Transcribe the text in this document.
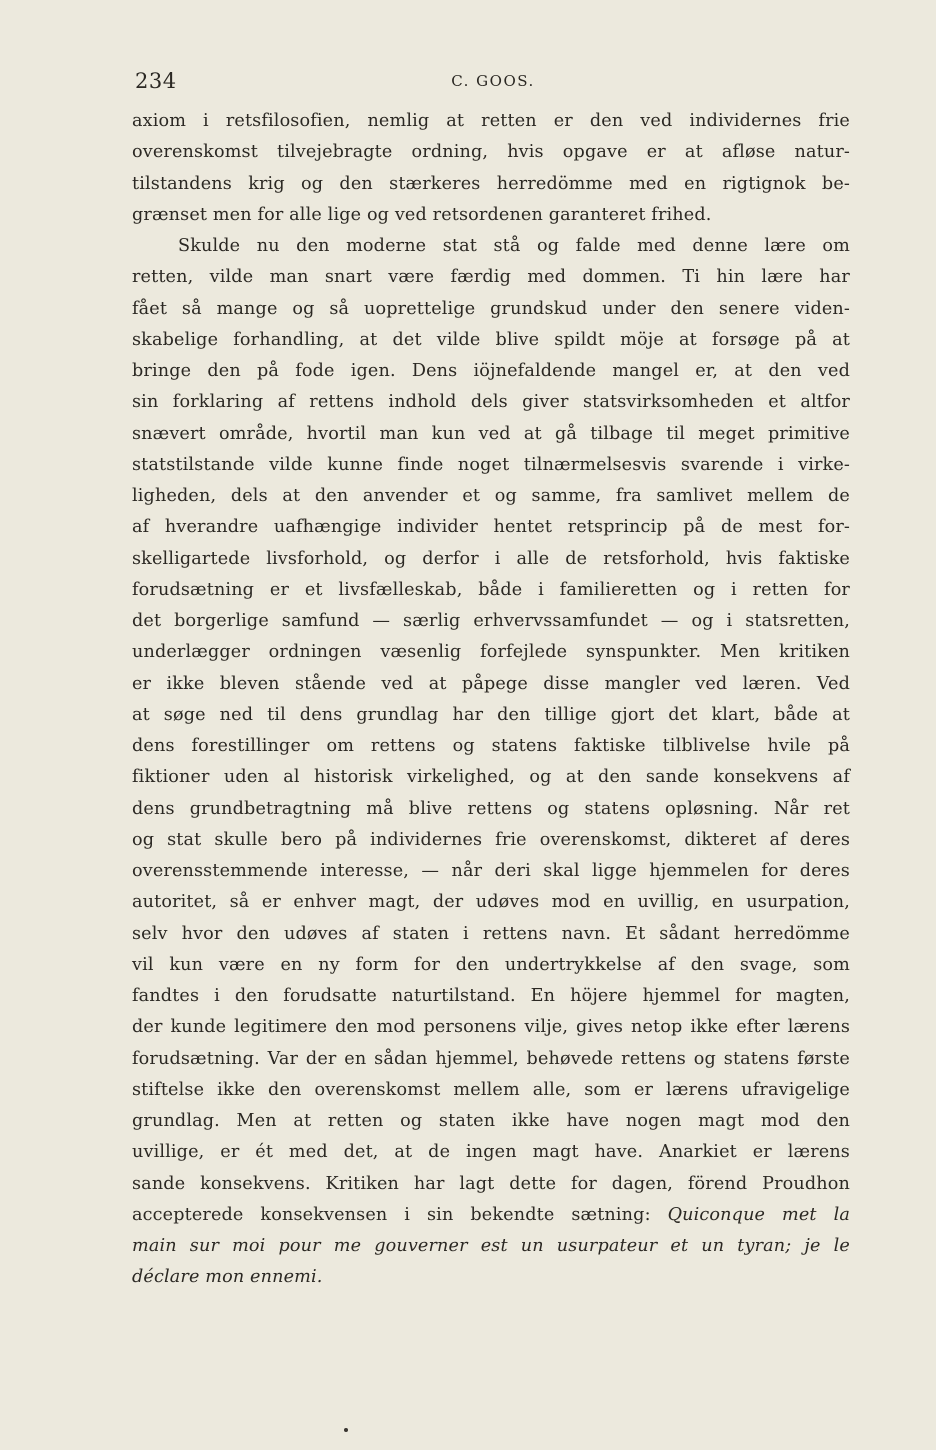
234	C. GOOS.
axiom i retsfilosofien, nemlig at retten er den ved individernes frie
overenskomst tilvejebragte ordning, hvis opgave er at afløse natur-
tilstandens krig og den stærkeres herredömme med en rigtignok be-
grænset men for alle lige og ved retsordenen garanteret frihed.
Skulde nu den moderne stat stå og falde med denne lære om
retten, vilde man snart være færdig med dommen. Ti hin lære har
fået så mange og så uoprettelige grundskud under den senere viden-
skabelige forhandling, at det vilde blive spildt möje at forsøge på at
bringe den på fode igen. Dens iöjnefaldende mangel er, at den ved
sin forklaring af rettens indhold dels giver statsvirksomheden et altfor
snævert område, hvortil man kun ved at gå tilbage til meget primitive
statstilstande vilde kunne finde noget tilnærmelsesvis svarende i virke-
ligheden, dels at den anvender et og samme, fra samlivet mellem de
af hverandre uafhængige individer hentet retsprincip på de mest for-
skelligartede livsforhold, og derfor i alle de retsforhold, hvis faktiske
forudsætning er et livsfælleskab, både i familieretten og i retten for
det borgerlige samfund — særlig erhvervssamfundet — og i statsretten,
underlægger ordningen væsenlig forfejlede synspunkter. Men kritiken
er ikke bleven stående ved at påpege disse mangler ved læren. Ved
at søge ned til dens grundlag har den tillige gjort det klart, både at
dens forestillinger om rettens og statens faktiske tilblivelse hvile på
fiktioner uden al historisk virkelighed, og at den sande konsekvens af
dens grundbetragtning må blive rettens og statens opløsning. Når ret
og stat skulle bero på individernes frie overenskomst, dikteret af deres
overensstemmende interesse, — når deri skal ligge hjemmelen for deres
autoritet, så er enhver magt, der udøves mod en uvillig, en usurpation,
selv hvor den udøves af staten i rettens navn. Et sådant herredömme
vil kun være en ny form for den undertrykkelse af den svage, som
fandtes i den forudsatte naturtilstand. En höjere hjemmel for magten,
der kunde legitimere den mod personens vilje, gives netop ikke efter lærens
forudsætning. Var der en sådan hjemmel, behøvede rettens og statens første
stiftelse ikke den overenskomst mellem alle, som er lærens ufravigelige
grundlag. Men at retten og staten ikke have nogen magt mod den
uvillige, er ét med det, at de ingen magt have. Anarkiet er lærens
sande konsekvens. Kritiken har lagt dette for dagen, förend Proudhon
accepterede konsekvensen i sin bekendte sætning: Quiconque met la
main sur moi pour me gouverner est un usurpateur et un tyran; je le
déclare mon ennemi.
